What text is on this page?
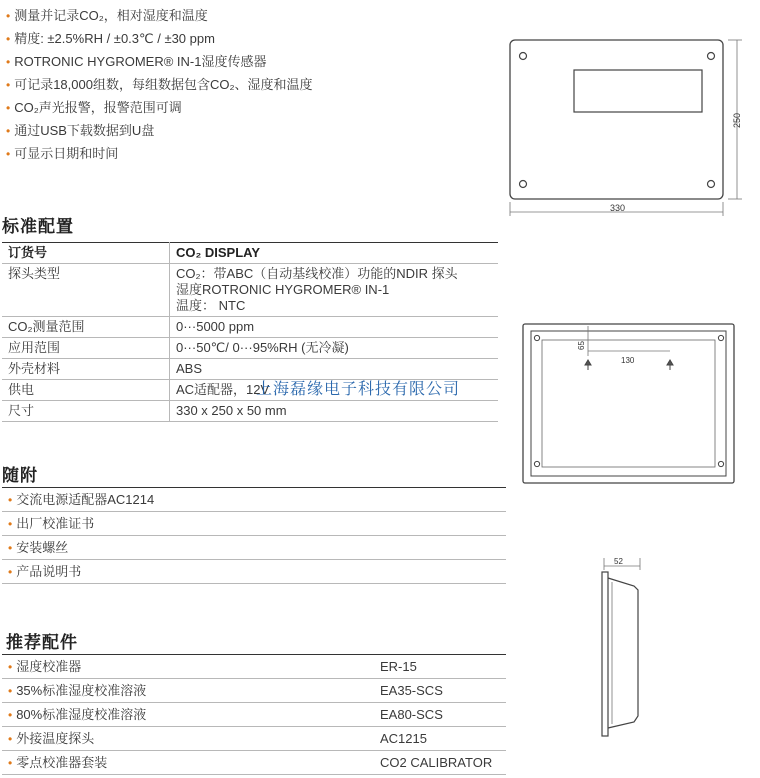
• 测量并记录CO₂，相对湿度和温度
• 精度: ±2.5%RH / ±0.3℃ / ±30 ppm
• ROTRONIC HYGROMER® IN-1湿度传感器
• 可记录18,000组数，每组数据包含CO₂、湿度和温度
• CO₂声光报警，报警范围可调
• 通过USB下载数据到U盘
• 可显示日期和时间
标准配置
订货号	CO₂ DISPLAY
探头类型	CO₂：带ABC（自动基线校准）功能的NDIR 探头
湿度ROTRONIC HYGROMER® IN-1
温度： NTC

CO₂测量范围	0···5000 ppm
应用范围	0···50℃/ 0···95%RH (无冷凝)
外壳材料	ABS
供电	AC适配器，12V
尺寸	330 x 250 x 50 mm
上海磊缘电子科技有限公司
随附
• 交流电源适配器AC1214
• 出厂校准证书
• 安装螺丝
• 产品说明书
推荐配件
• 湿度校准器	ER-15
• 35%标准湿度校准溶液	EA35-SCS
• 80%标准湿度校准溶液	EA80-SCS
• 外接温度探头	AC1215
• 零点校准器套装	CO2 CALIBRATOR
250
330
65
130
52
